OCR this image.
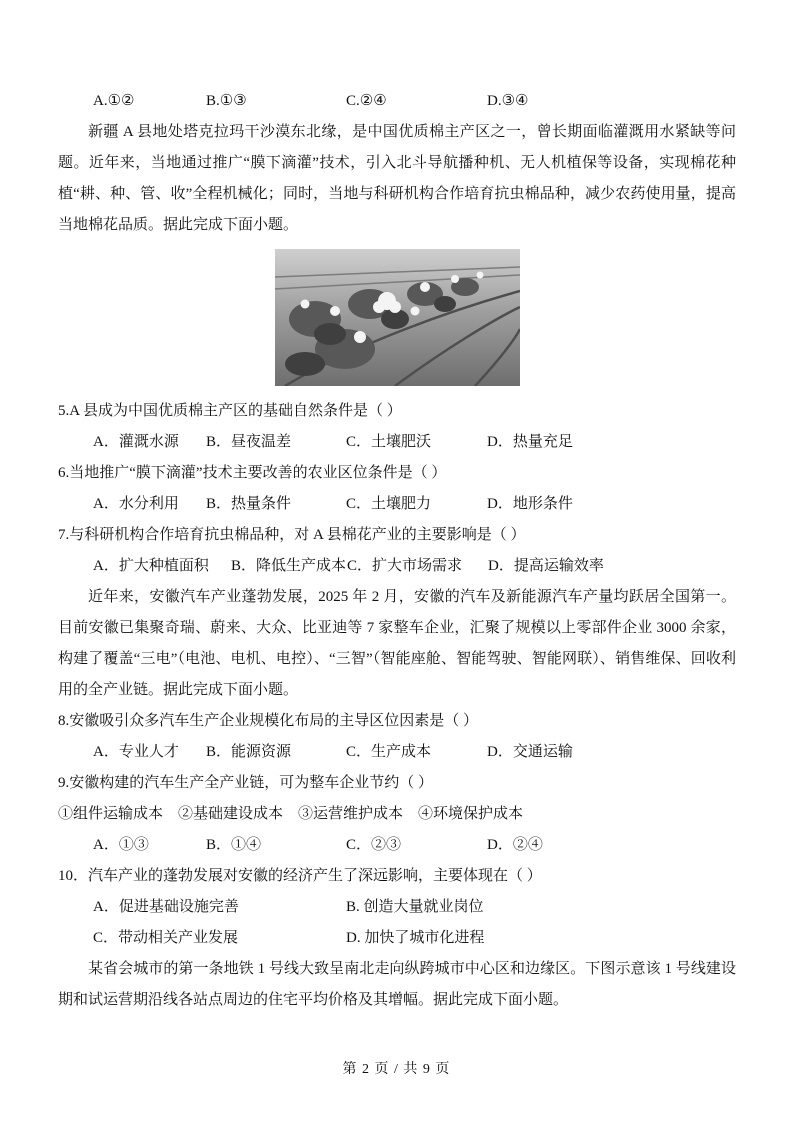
A.①②	B.①③	C.②④	D.③④

新疆 A 县地处塔克拉玛干沙漠东北缘，是中国优质棉主产区之一，曾长期面临灌溉用水紧缺等问题。近年来，当地通过推广“膜下滴灌”技术，引入北斗导航播种机、无人机植保等设备，实现棉花种植“耕、种、管、收”全程机械化；同时，当地与科研机构合作培育抗虫棉品种，减少农药使用量，提高当地棉花品质。据此完成下面小题。

5.A 县成为中国优质棉主产区的基础自然条件是（ ）

A．灌溉水源	B．昼夜温差	C．土壤肥沃	D．热量充足

6.当地推广“膜下滴灌”技术主要改善的农业区位条件是（ ）

A．水分利用	B．热量条件	C．土壤肥力	D．地形条件

7.与科研机构合作培育抗虫棉品种，对 A 县棉花产业的主要影响是（ ）

A．扩大种植面积	B．降低生产成本 C．扩大市场需求	D．提高运输效率

近年来，安徽汽车产业蓬勃发展，2025 年 2 月，安徽的汽车及新能源汽车产量均跃居全国第一。目前安徽已集聚奇瑞、蔚来、大众、比亚迪等 7 家整车企业，汇聚了规模以上零部件企业 3000 余家，构建了覆盖“三电”（电池、电机、电控）、“三智”（智能座舱、智能驾驶、智能网联）、销售维保、回收利用的全产业链。据此完成下面小题。

8.安徽吸引众多汽车生产企业规模化布局的主导区位因素是（ ）

A．专业人才	B．能源资源	C．生产成本	D．交通运输

9.安徽构建的汽车生产全产业链，可为整车企业节约（ ）

①组件运输成本　②基础建设成本　③运营维护成本　④环境保护成本

A．①③	B．①④	C．②③	D．②④

10．汽车产业的蓬勃发展对安徽的经济产生了深远影响，主要体现在（ ）

A．促进基础设施完善	B. 创造大量就业岗位
C．带动相关产业发展	D. 加快了城市化进程

某省会城市的第一条地铁 1 号线大致呈南北走向纵跨城市中心区和边缘区。下图示意该 1 号线建设期和试运营期沿线各站点周边的住宅平均价格及其增幅。据此完成下面小题。

第 2 页 / 共 9 页
